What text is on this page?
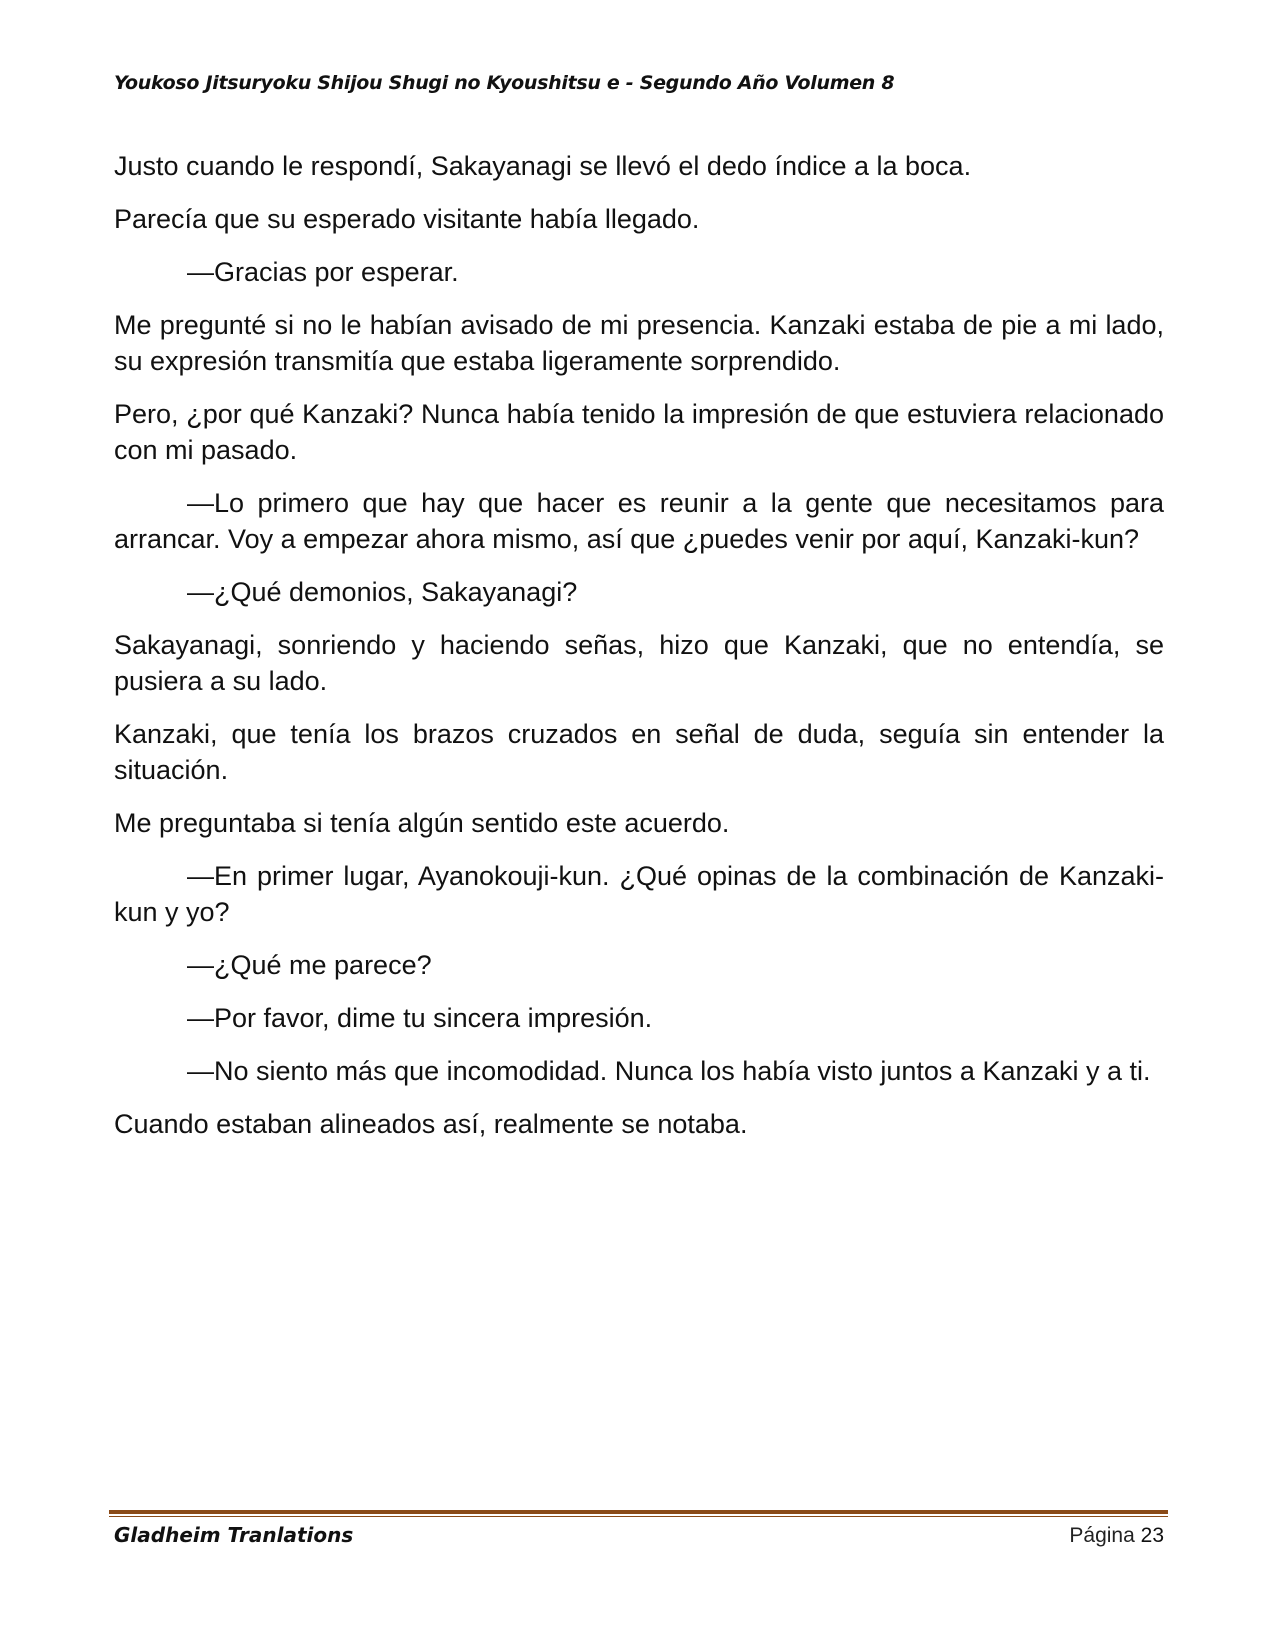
Youkoso Jitsuryoku Shijou Shugi no Kyoushitsu e - Segundo Año Volumen 8

Justo cuando le respondí, Sakayanagi se llevó el dedo índice a la boca.

Parecía que su esperado visitante había llegado.

—Gracias por esperar.

Me pregunté si no le habían avisado de mi presencia. Kanzaki estaba de pie a mi lado, su expresión transmitía que estaba ligeramente sorprendido.

Pero, ¿por qué Kanzaki? Nunca había tenido la impresión de que estuviera relacionado con mi pasado.

—Lo primero que hay que hacer es reunir a la gente que necesitamos para arrancar. Voy a empezar ahora mismo, así que ¿puedes venir por aquí, Kanzaki-kun?

—¿Qué demonios, Sakayanagi?

Sakayanagi, sonriendo y haciendo señas, hizo que Kanzaki, que no entendía, se pusiera a su lado.

Kanzaki, que tenía los brazos cruzados en señal de duda, seguía sin entender la situación.

Me preguntaba si tenía algún sentido este acuerdo.

—En primer lugar, Ayanokouji-kun. ¿Qué opinas de la combinación de Kanzaki-kun y yo?

—¿Qué me parece?

—Por favor, dime tu sincera impresión.

—No siento más que incomodidad. Nunca los había visto juntos a Kanzaki y a ti.

Cuando estaban alineados así, realmente se notaba.

Gladheim Tranlations	Página 23
